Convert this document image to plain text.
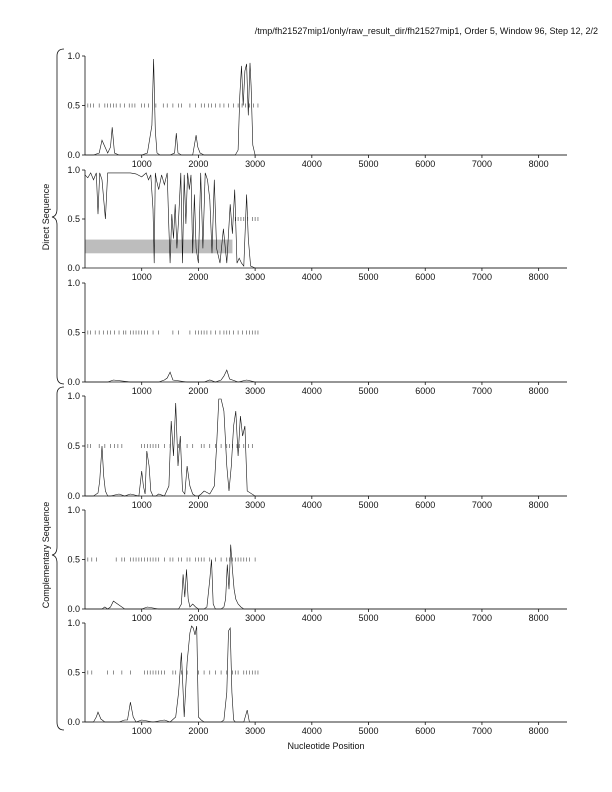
/tmp/fh21527mip1/only/raw_result_dir/fh21527mip1, Order 5, Window 96, Step 12, 2/2
Nucleotide Position
Direct Sequence
Complementary Sequence
0.0
0.5
1.0
1000	2000	3000	4000	5000	6000	7000	8000
0.0
0.5
1.0
1000	2000	3000	4000	5000	6000	7000	8000
0.0
0.5
1.0
1000	2000	3000	4000	5000	6000	7000	8000
0.0
0.5
1.0
1000	2000	3000	4000	5000	6000	7000	8000
0.0
0.5
1.0
1000	2000	3000	4000	5000	6000	7000	8000
0.0
0.5
1.0
1000	2000	3000	4000	5000	6000	7000	8000
